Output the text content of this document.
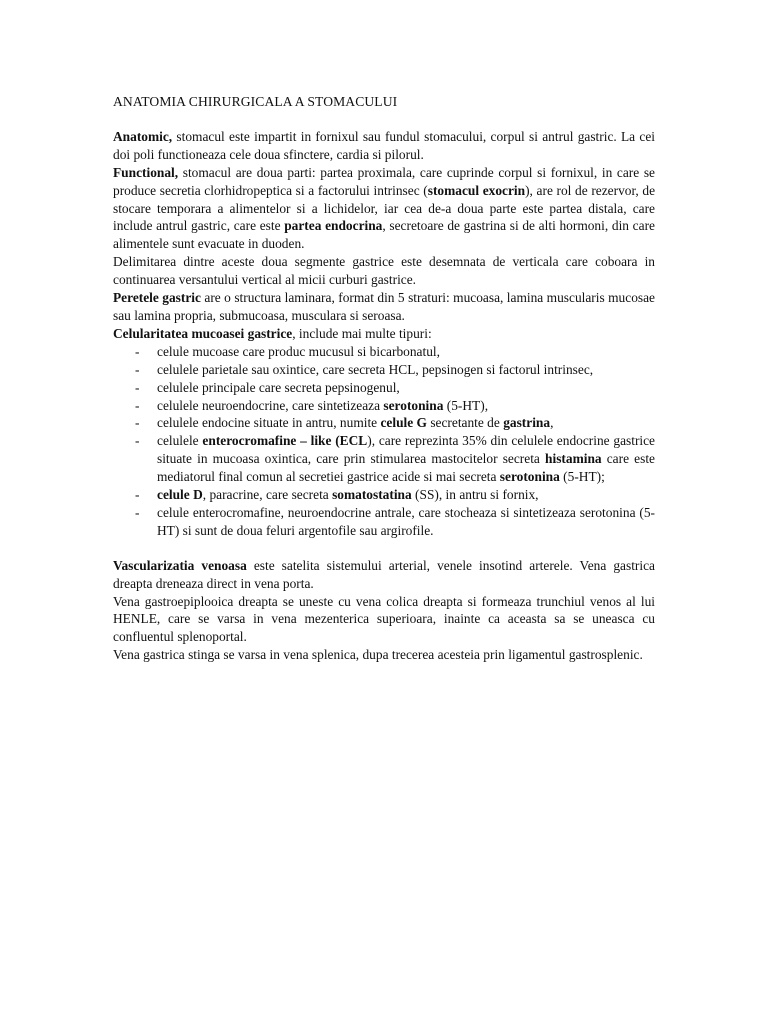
ANATOMIA CHIRURGICALA A STOMACULUI

Anatomic, stomacul este impartit in fornixul sau fundul stomacului, corpul si antrul gastric. La cei doi poli functioneaza cele doua sfinctere, cardia si pilorul.

Functional, stomacul are doua parti: partea proximala, care cuprinde corpul si fornixul, in care se produce secretia clorhidropeptica si a factorului intrinsec (stomacul exocrin), are rol de rezervor, de stocare temporara a alimentelor si a lichidelor, iar cea de-a doua parte este partea distala, care include antrul gastric, care este partea endocrina, secretoare de gastrina si de alti hormoni, din care alimentele sunt evacuate in duoden.

Delimitarea dintre aceste doua segmente gastrice este desemnata de verticala care coboara in continuarea versantului vertical al micii curburi gastrice.

Peretele gastric are o structura laminara, format din 5 straturi: mucoasa, lamina muscularis mucosae sau lamina propria, submucoasa, musculara si seroasa.

Celularitatea mucoasei gastrice, include mai multe tipuri:

- celule mucoase care produc mucusul si bicarbonatul,
- celulele parietale sau oxintice, care secreta HCL, pepsinogen si factorul intrinsec,
- celulele principale care secreta pepsinogenul,
- celulele neuroendocrine, care sintetizeaza serotonina (5-HT),
- celulele endocine situate in antru, numite celule G secretante de gastrina,
- celulele enterocromafine – like (ECL), care reprezinta 35% din celulele endocrine gastrice situate in mucoasa oxintica, care prin stimularea mastocitelor secreta histamina care este mediatorul final comun al secretiei gastrice acide si mai secreta serotonina (5-HT);
- celule D, paracrine, care secreta somatostatina (SS), in antru si fornix,
- celule enterocromafine, neuroendocrine antrale, care stocheaza si sintetizeaza serotonina (5-HT) si sunt de doua feluri argentofile sau argirofile.

Vascularizatia venoasa este satelita sistemului arterial, venele insotind arterele. Vena gastrica dreapta dreneaza direct in vena porta.

Vena gastroepiplooica dreapta se uneste cu vena colica dreapta si formeaza trunchiul venos al lui HENLE, care se varsa in vena mezenterica superioara, inainte ca aceasta sa se uneasca cu confluentul splenoportal.

Vena gastrica stinga se varsa in vena splenica, dupa trecerea acesteia prin ligamentul gastrosplenic.
